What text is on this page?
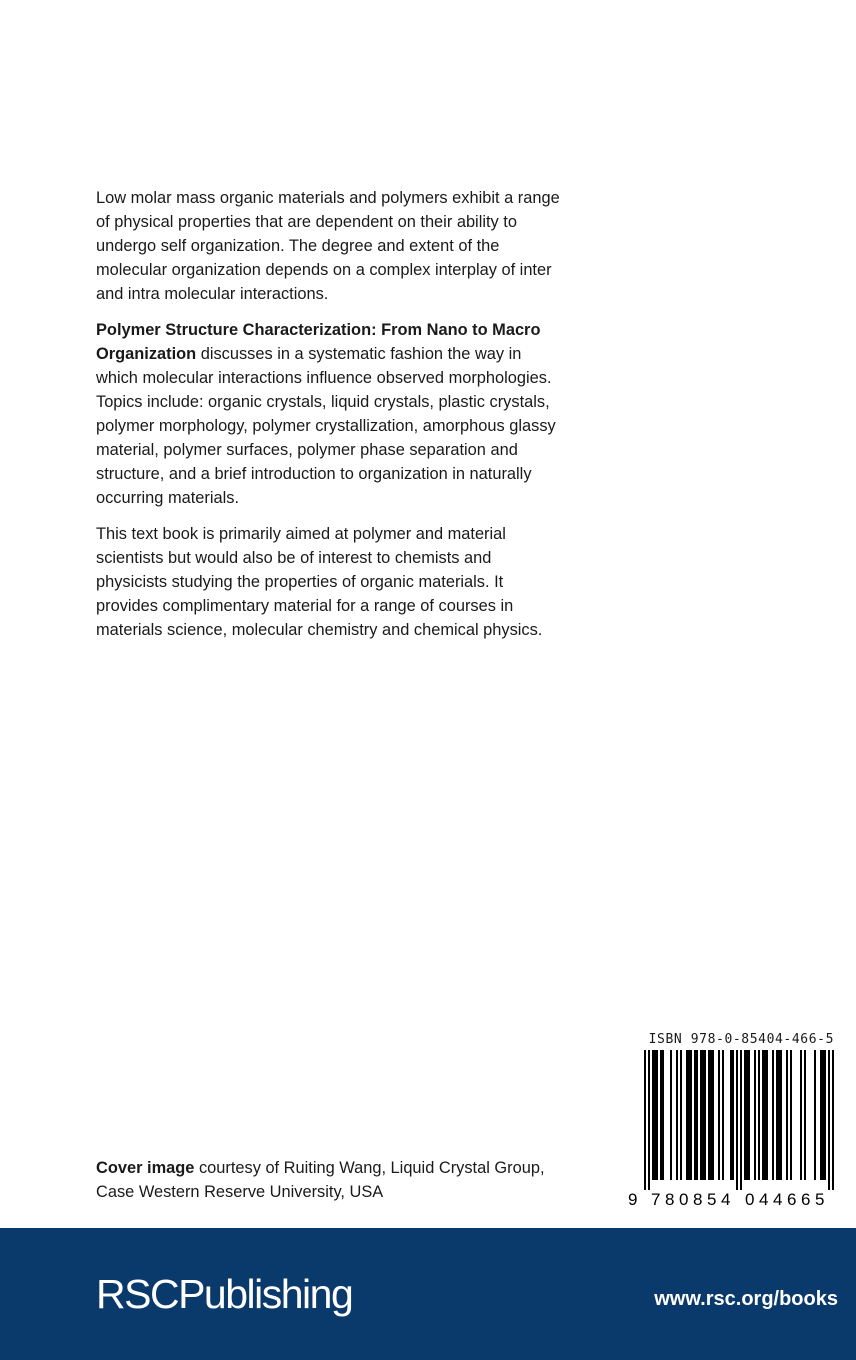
Low molar mass organic materials and polymers exhibit a range of physical properties that are dependent on their ability to undergo self organization. The degree and extent of the molecular organization depends on a complex interplay of inter and intra molecular interactions.

Polymer Structure Characterization: From Nano to Macro Organization discusses in a systematic fashion the way in which molecular interactions influence observed morphologies. Topics include: organic crystals, liquid crystals, plastic crystals, polymer morphology, polymer crystallization, amorphous glassy material, polymer surfaces, polymer phase separation and structure, and a brief introduction to organization in naturally occurring materials.

This text book is primarily aimed at polymer and material scientists but would also be of interest to chemists and physicists studying the properties of organic materials. It provides complimentary material for a range of courses in materials science, molecular chemistry and chemical physics.

Cover image courtesy of Ruiting Wang, Liquid Crystal Group, Case Western Reserve University, USA
ISBN 978-0-85404-466-5
9 7 8 0 8 5 4 0 4 4 6 6 5
RSCPublishing	www.rsc.org/books
